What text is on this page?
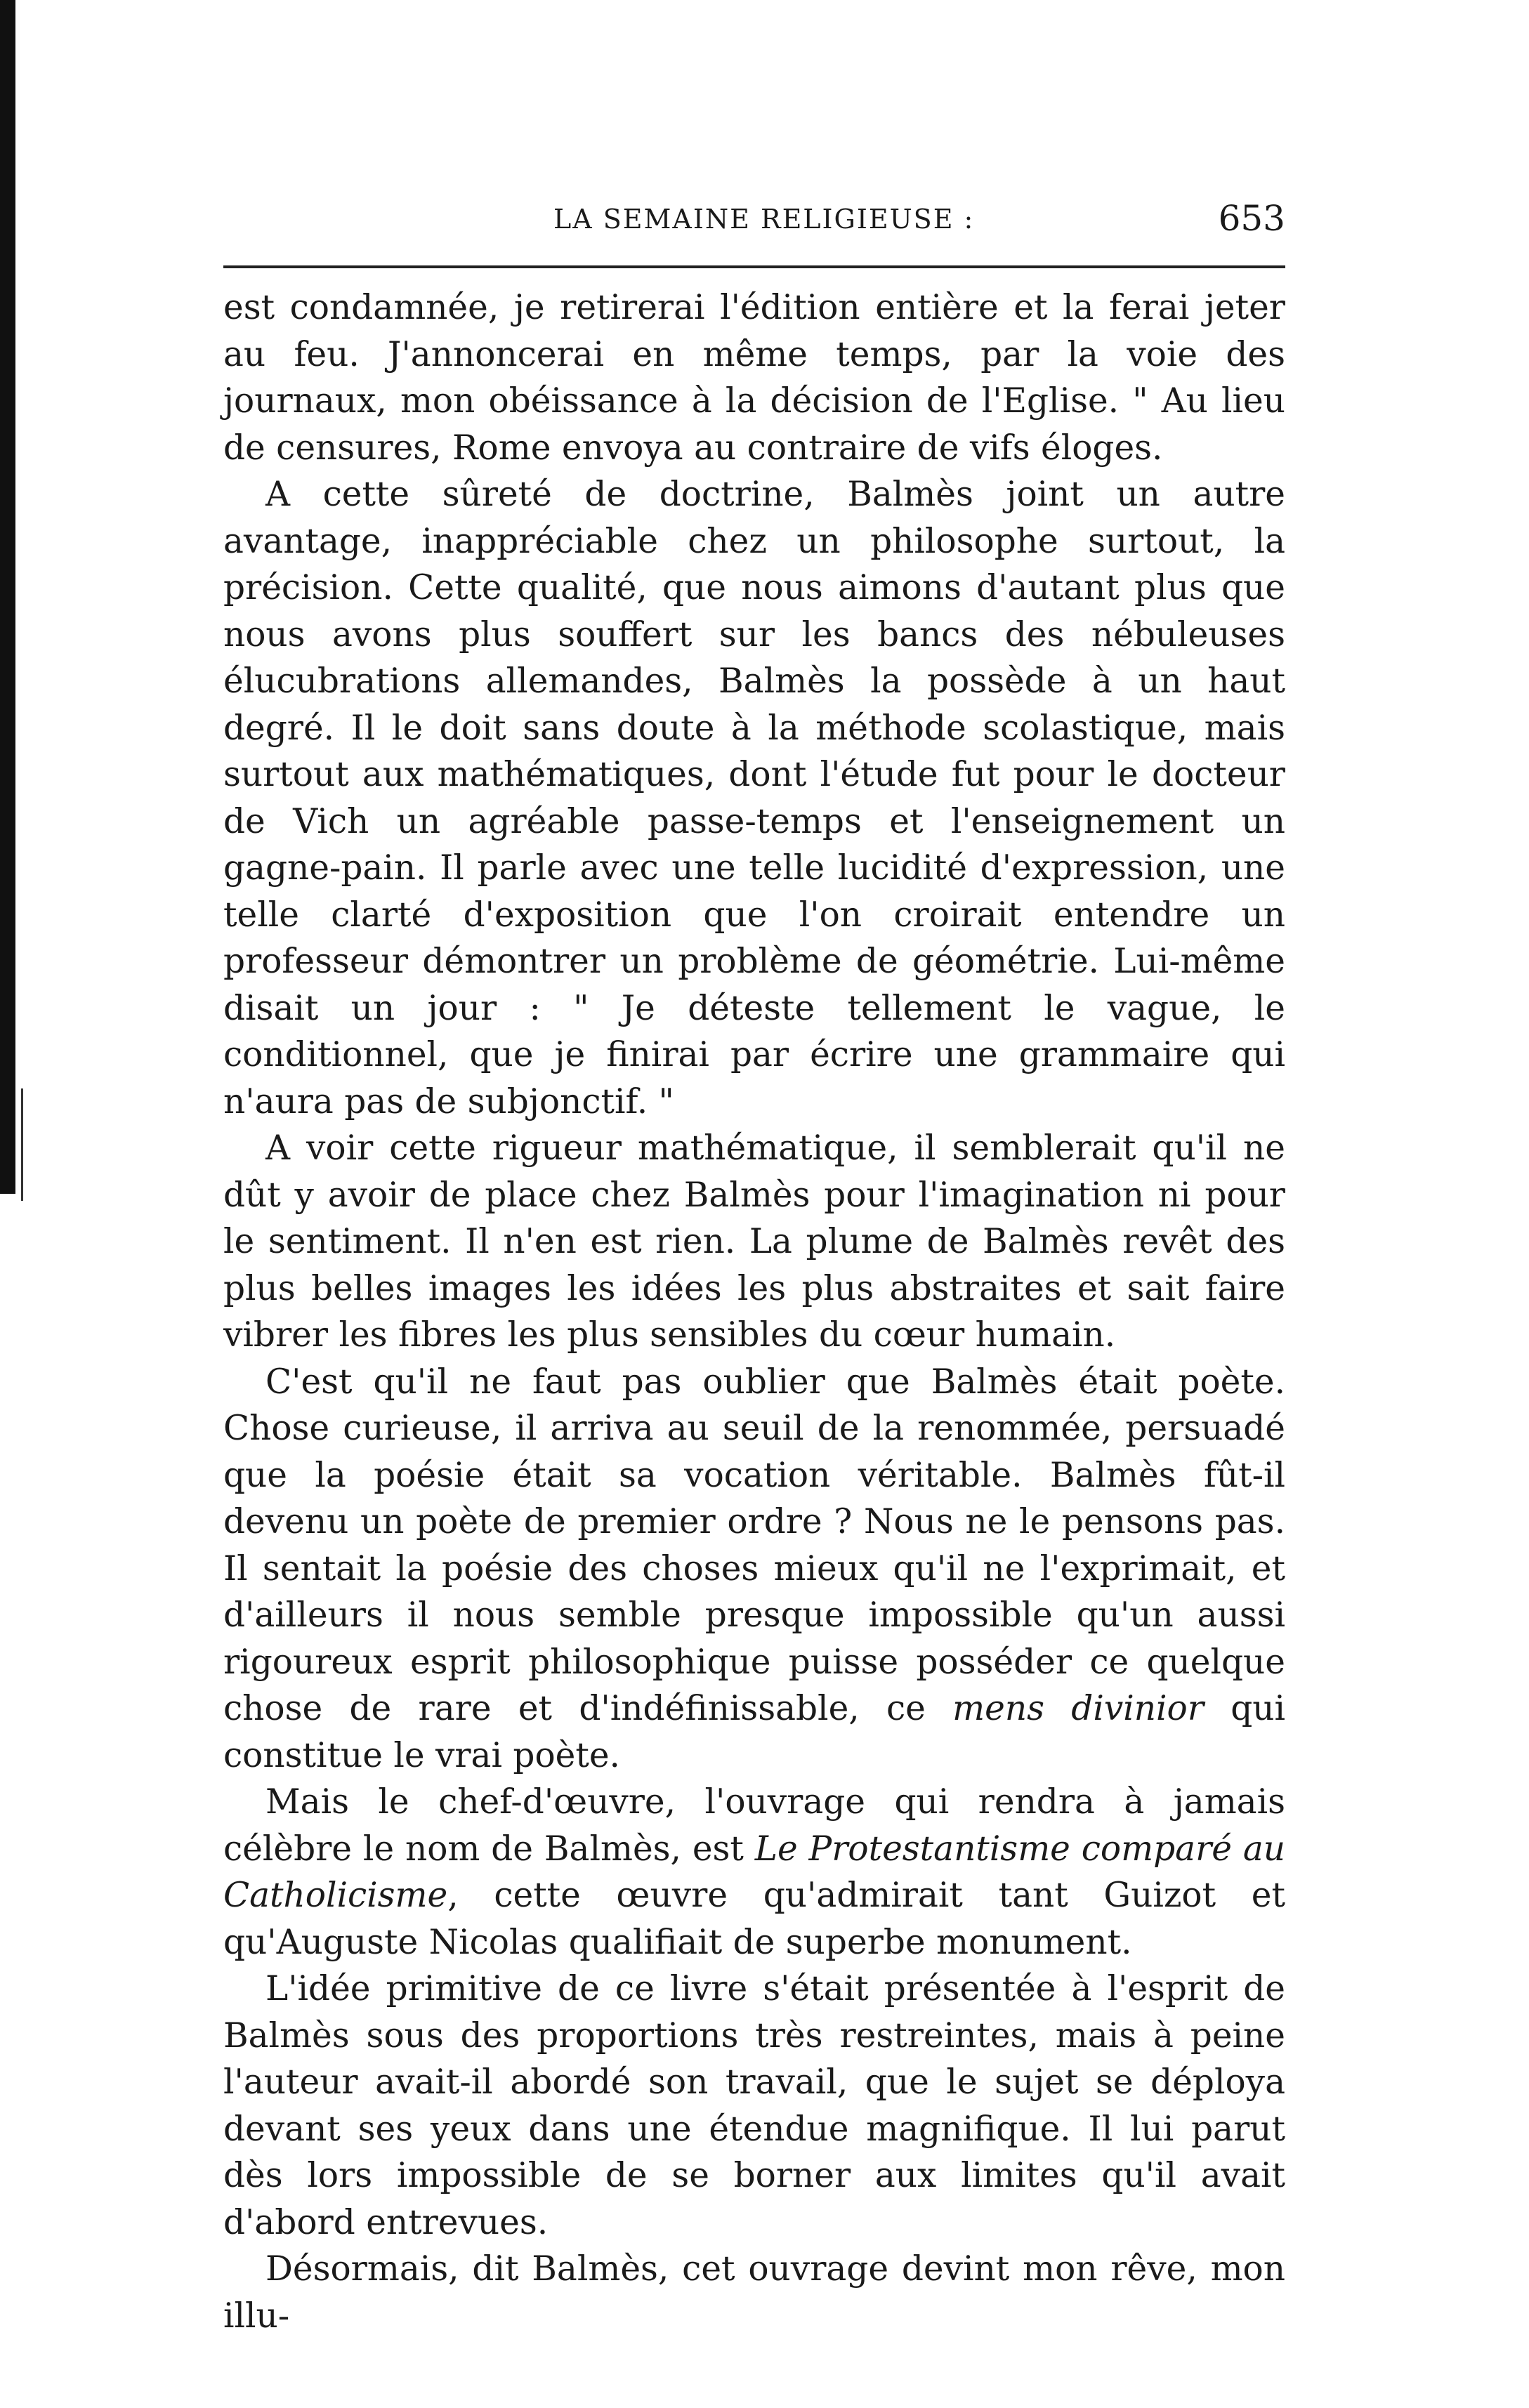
LA SEMAINE RELIGIEUSE :	653

est condamnée, je retirerai l'édition entière et la ferai jeter au feu. J'annoncerai en même temps, par la voie des journaux, mon obéissance à la décision de l'Eglise. " Au lieu de censures, Rome envoya au contraire de vifs éloges.

A cette sûreté de doctrine, Balmès joint un autre avantage, inappréciable chez un philosophe surtout, la précision. Cette qualité, que nous aimons d'autant plus que nous avons plus souffert sur les bancs des nébuleuses élucubrations allemandes, Balmès la possède à un haut degré. Il le doit sans doute à la méthode scolastique, mais surtout aux mathématiques, dont l'étude fut pour le docteur de Vich un agréable passe-temps et l'enseignement un gagne-pain. Il parle avec une telle lucidité d'expression, une telle clarté d'exposition que l'on croirait entendre un professeur démontrer un problème de géométrie. Lui-même disait un jour : " Je déteste tellement le vague, le conditionnel, que je finirai par écrire une grammaire qui n'aura pas de subjonctif. "

A voir cette rigueur mathématique, il semblerait qu'il ne dût y avoir de place chez Balmès pour l'imagination ni pour le sentiment. Il n'en est rien. La plume de Balmès revêt des plus belles images les idées les plus abstraites et sait faire vibrer les fibres les plus sensibles du cœur humain.

C'est qu'il ne faut pas oublier que Balmès était poète. Chose curieuse, il arriva au seuil de la renommée, persuadé que la poésie était sa vocation véritable. Balmès fût-il devenu un poète de premier ordre ? Nous ne le pensons pas. Il sentait la poésie des choses mieux qu'il ne l'exprimait, et d'ailleurs il nous semble presque impossible qu'un aussi rigoureux esprit philosophique puisse posséder ce quelque chose de rare et d'indéfinissable, ce mens divinior qui constitue le vrai poète.

Mais le chef-d'œuvre, l'ouvrage qui rendra à jamais célèbre le nom de Balmès, est Le Protestantisme comparé au Catholicisme, cette œuvre qu'admirait tant Guizot et qu'Auguste Nicolas qualifiait de superbe monument.

L'idée primitive de ce livre s'était présentée à l'esprit de Balmès sous des proportions très restreintes, mais à peine l'auteur avait-il abordé son travail, que le sujet se déploya devant ses yeux dans une étendue magnifique. Il lui parut dès lors impossible de se borner aux limites qu'il avait d'abord entrevues.

Désormais, dit Balmès, cet ouvrage devint mon rêve, mon illu-
